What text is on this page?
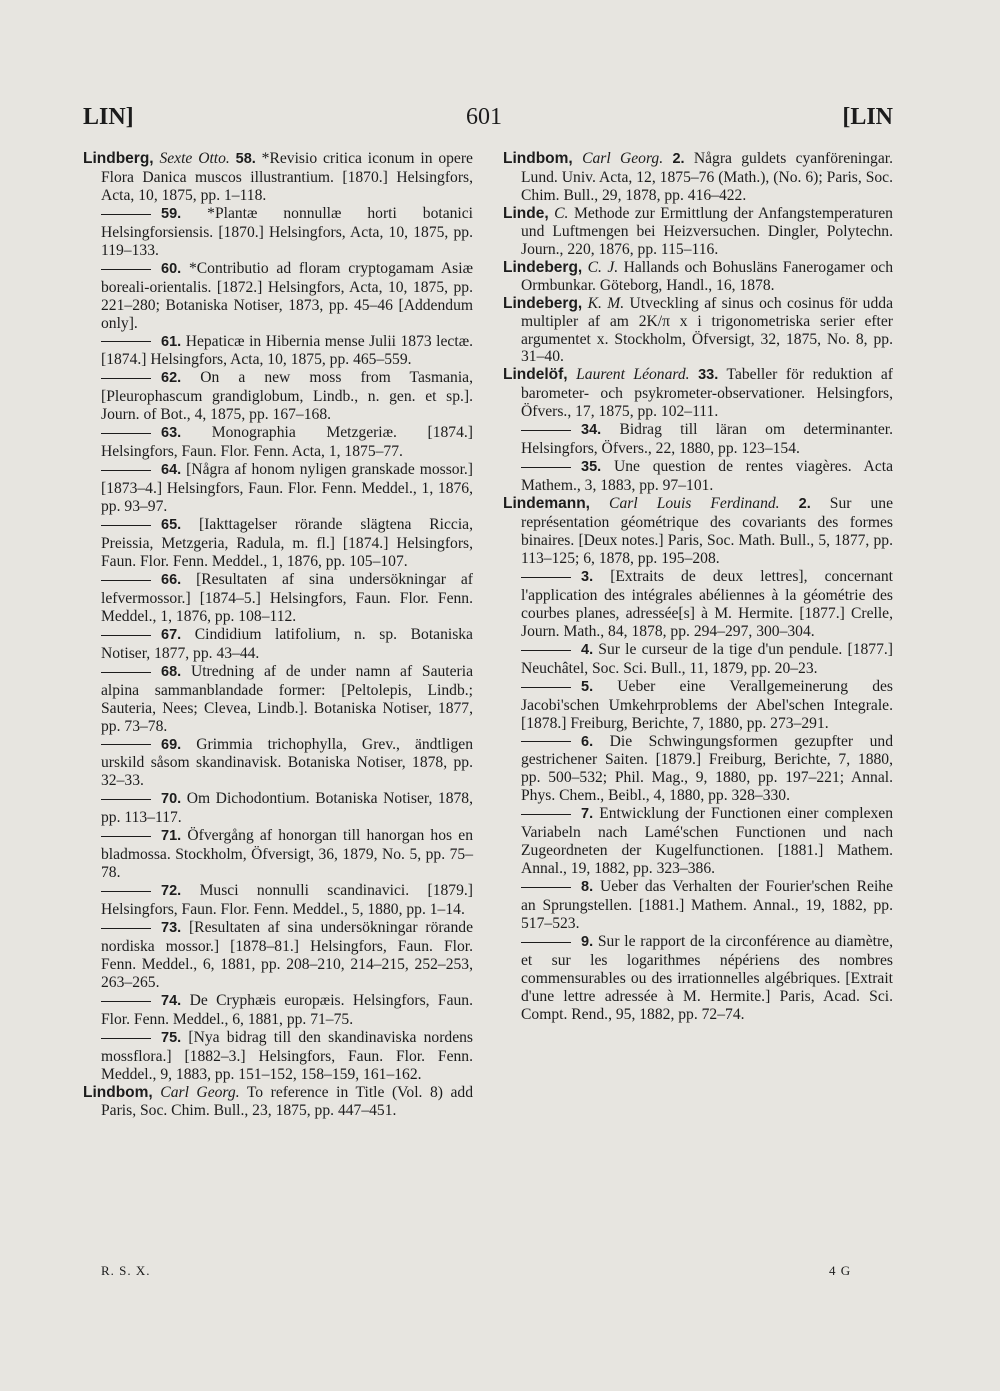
LIN]	601	[LIN

Lindberg, Sexte Otto. 58. *Revisio critica iconum in opere Flora Danica muscos illustrantium. [1870.] Helsingfors, Acta, 10, 1875, pp. 1–118.

59. *Plantæ nonnullæ horti botanici Helsingforsiensis. [1870.] Helsingfors, Acta, 10, 1875, pp. 119–133.

60. *Contributio ad floram cryptogamam Asiæ boreali-orientalis. [1872.] Helsingfors, Acta, 10, 1875, pp. 221–280; Botaniska Notiser, 1873, pp. 45–46 [Addendum only].

61. Hepaticæ in Hibernia mense Julii 1873 lectæ. [1874.] Helsingfors, Acta, 10, 1875, pp. 465–559.

62. On a new moss from Tasmania, [Pleurophascum grandiglobum, Lindb., n. gen. et sp.]. Journ. of Bot., 4, 1875, pp. 167–168.

63. Monographia Metzgeriæ. [1874.] Helsingfors, Faun. Flor. Fenn. Acta, 1, 1875–77.

64. [Några af honom nyligen granskade mossor.] [1873–4.] Helsingfors, Faun. Flor. Fenn. Meddel., 1, 1876, pp. 93–97.

65. [Iakttagelser rörande slägtena Riccia, Preissia, Metzgeria, Radula, m. fl.] [1874.] Helsingfors, Faun. Flor. Fenn. Meddel., 1, 1876, pp. 105–107.

66. [Resultaten af sina undersökningar af lefvermossor.] [1874–5.] Helsingfors, Faun. Flor. Fenn. Meddel., 1, 1876, pp. 108–112.

67. Cindidium latifolium, n. sp. Botaniska Notiser, 1877, pp. 43–44.

68. Utredning af de under namn af Sauteria alpina sammanblandade former: [Peltolepis, Lindb.; Sauteria, Nees; Clevea, Lindb.]. Botaniska Notiser, 1877, pp. 73–78.

69. Grimmia trichophylla, Grev., ändtligen urskild såsom skandinavisk. Botaniska Notiser, 1878, pp. 32–33.

70. Om Dichodontium. Botaniska Notiser, 1878, pp. 113–117.

71. Öfvergång af honorgan till hanorgan hos en bladmossa. Stockholm, Öfversigt, 36, 1879, No. 5, pp. 75–78.

72. Musci nonnulli scandinavici. [1879.] Helsingfors, Faun. Flor. Fenn. Meddel., 5, 1880, pp. 1–14.

73. [Resultaten af sina undersökningar rörande nordiska mossor.] [1878–81.] Helsingfors, Faun. Flor. Fenn. Meddel., 6, 1881, pp. 208–210, 214–215, 252–253, 263–265.

74. De Cryphæis europæis. Helsingfors, Faun. Flor. Fenn. Meddel., 6, 1881, pp. 71–75.

75. [Nya bidrag till den skandinaviska nordens mossflora.] [1882–3.] Helsingfors, Faun. Flor. Fenn. Meddel., 9, 1883, pp. 151–152, 158–159, 161–162.

Lindbom, Carl Georg. To reference in Title (Vol. 8) add Paris, Soc. Chim. Bull., 23, 1875, pp. 447–451.

Lindbom, Carl Georg. 2. Några guldets cyanföreningar. Lund. Univ. Acta, 12, 1875–76 (Math.), (No. 6); Paris, Soc. Chim. Bull., 29, 1878, pp. 416–422.

Linde, C. Methode zur Ermittlung der Anfangstemperaturen und Luftmengen bei Heizversuchen. Dingler, Polytechn. Journ., 220, 1876, pp. 115–116.

Lindeberg, C. J. Hallands och Bohusläns Fanerogamer och Ormbunkar. Göteborg, Handl., 16, 1878.

Lindeberg, K. M. Utveckling af sinus och cosinus för udda multipler af am 2K/π x i trigonometriska serier efter argumentet x. Stockholm, Öfversigt, 32, 1875, No. 8, pp. 31–40.

Lindelöf, Laurent Léonard. 33. Tabeller för reduktion af barometer- och psykrometer-observationer. Helsingfors, Öfvers., 17, 1875, pp. 102–111.

34. Bidrag till läran om determinanter. Helsingfors, Öfvers., 22, 1880, pp. 123–154.

35. Une question de rentes viagères. Acta Mathem., 3, 1883, pp. 97–101.

Lindemann, Carl Louis Ferdinand. 2. Sur une représentation géométrique des covariants des formes binaires. [Deux notes.] Paris, Soc. Math. Bull., 5, 1877, pp. 113–125; 6, 1878, pp. 195–208.

3. [Extraits de deux lettres], concernant l'application des intégrales abéliennes à la géométrie des courbes planes, adressée[s] à M. Hermite. [1877.] Crelle, Journ. Math., 84, 1878, pp. 294–297, 300–304.

4. Sur le curseur de la tige d'un pendule. [1877.] Neuchâtel, Soc. Sci. Bull., 11, 1879, pp. 20–23.

5. Ueber eine Verallgemeinerung des Jacobi'schen Umkehrproblems der Abel'schen Integrale. [1878.] Freiburg, Berichte, 7, 1880, pp. 273–291.

6. Die Schwingungsformen gezupfter und gestrichener Saiten. [1879.] Freiburg, Berichte, 7, 1880, pp. 500–532; Phil. Mag., 9, 1880, pp. 197–221; Annal. Phys. Chem., Beibl., 4, 1880, pp. 328–330.

7. Entwicklung der Functionen einer complexen Variabeln nach Lamé'schen Functionen und nach Zugeordneten der Kugelfunctionen. [1881.] Mathem. Annal., 19, 1882, pp. 323–386.

8. Ueber das Verhalten der Fourier'schen Reihe an Sprungstellen. [1881.] Mathem. Annal., 19, 1882, pp. 517–523.

9. Sur le rapport de la circonférence au diamètre, et sur les logarithmes népériens des nombres commensurables ou des irrationnelles algébriques. [Extrait d'une lettre adressée à M. Hermite.] Paris, Acad. Sci. Compt. Rend., 95, 1882, pp. 72–74.

R. S. X.	4 G
